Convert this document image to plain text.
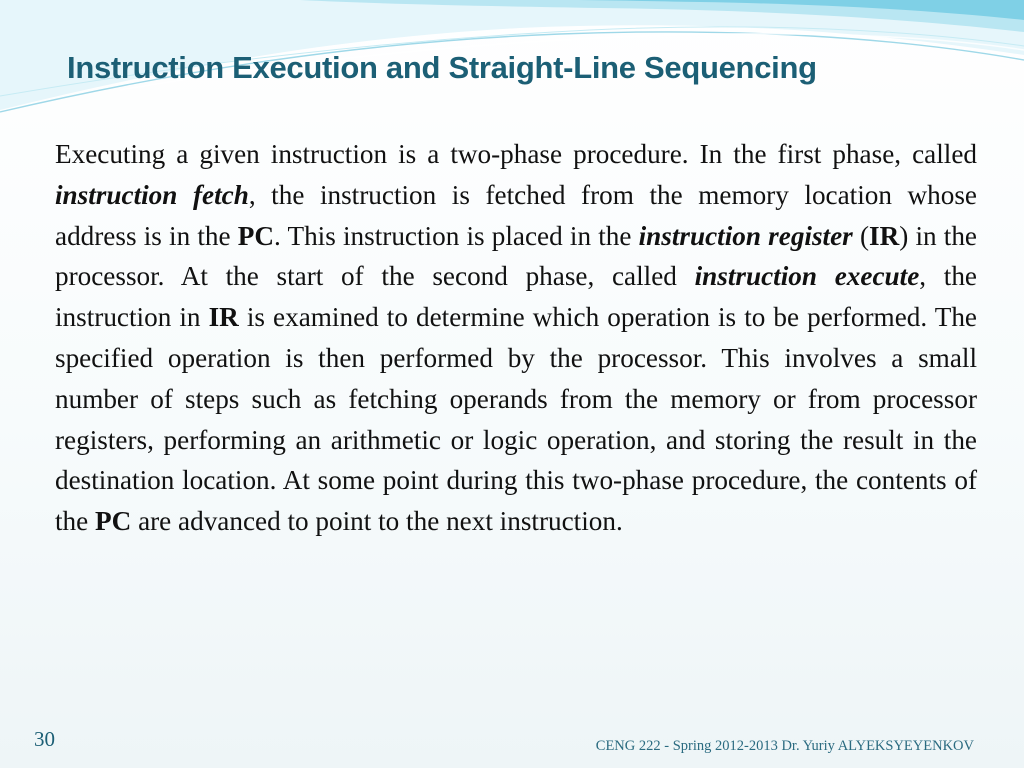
Instruction Execution and Straight-Line Sequencing

Executing a given instruction is a two-phase procedure. In the first phase, called instruction fetch, the instruction is fetched from the memory location whose address is in the PC. This instruction is placed in the instruction register (IR) in the processor. At the start of the second phase, called instruction execute, the instruction in IR is examined to determine which operation is to be performed. The specified operation is then performed by the processor. This involves a small number of steps such as fetching operands from the memory or from processor registers, performing an arithmetic or logic operation, and storing the result in the destination location. At some point during this two-phase procedure, the contents of the PC are advanced to point to the next instruction.

30	CENG 222 - Spring 2012-2013 Dr. Yuriy ALYEKSYEYENKOV
